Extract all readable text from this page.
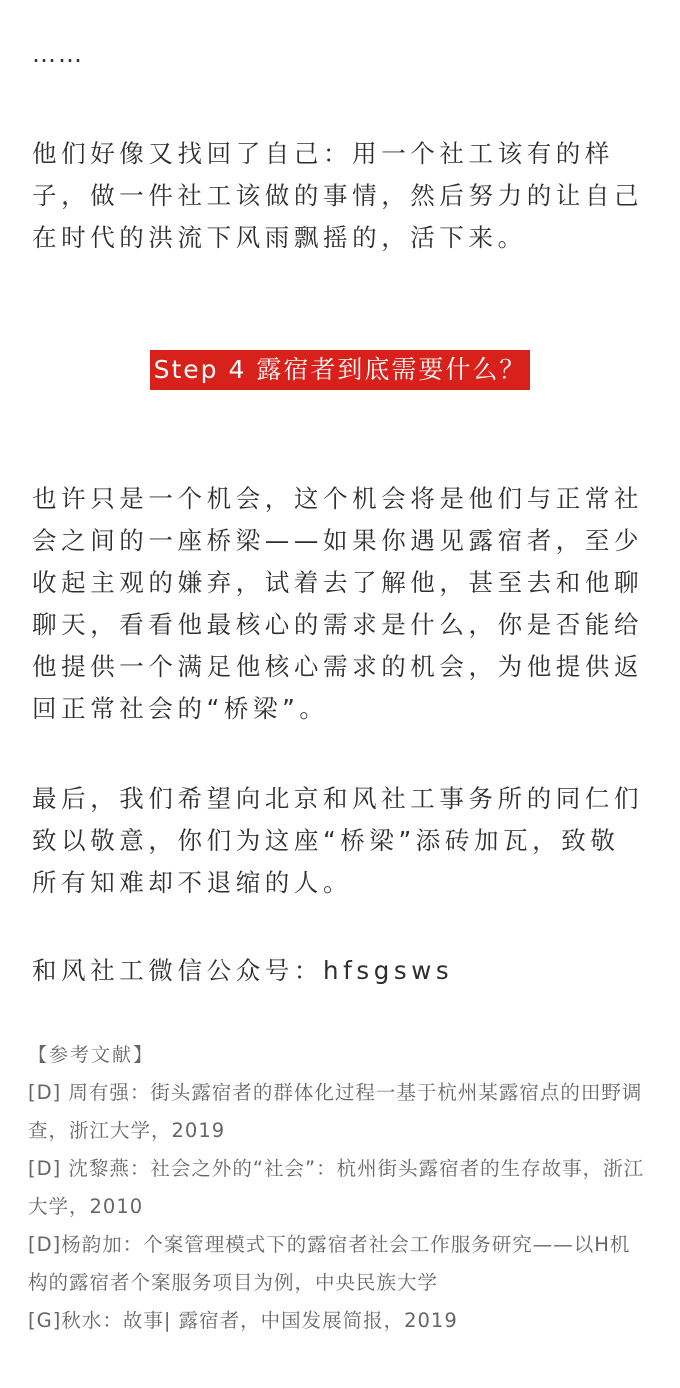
……

他们好像又找回了自己：用一个社工该有的样子，做一件社工该做的事情，然后努力的让自己在时代的洪流下风雨飘摇的，活下来。

Step 4 露宿者到底需要什么？

也许只是一个机会，这个机会将是他们与正常社会之间的一座桥梁——如果你遇见露宿者，至少收起主观的嫌弃，试着去了解他，甚至去和他聊聊天，看看他最核心的需求是什么，你是否能给他提供一个满足他核心需求的机会，为他提供返回正常社会的“桥梁”。

最后，我们希望向北京和风社工事务所的同仁们致以敬意，你们为这座“桥梁”添砖加瓦，致敬所有知难却不退缩的人。

和风社工微信公众号：hfsgsws

【参考文献】
[D] 周有强：街头露宿者的群体化过程一基于杭州某露宿点的田野调查，浙江大学，2019
[D] 沈黎燕：社会之外的“社会”：杭州街头露宿者的生存故事，浙江大学，2010
[D]杨韵加：个案管理模式下的露宿者社会工作服务研究——以H机构的露宿者个案服务项目为例，中央民族大学
[G]秋水：故事| 露宿者，中国发展简报，2019
